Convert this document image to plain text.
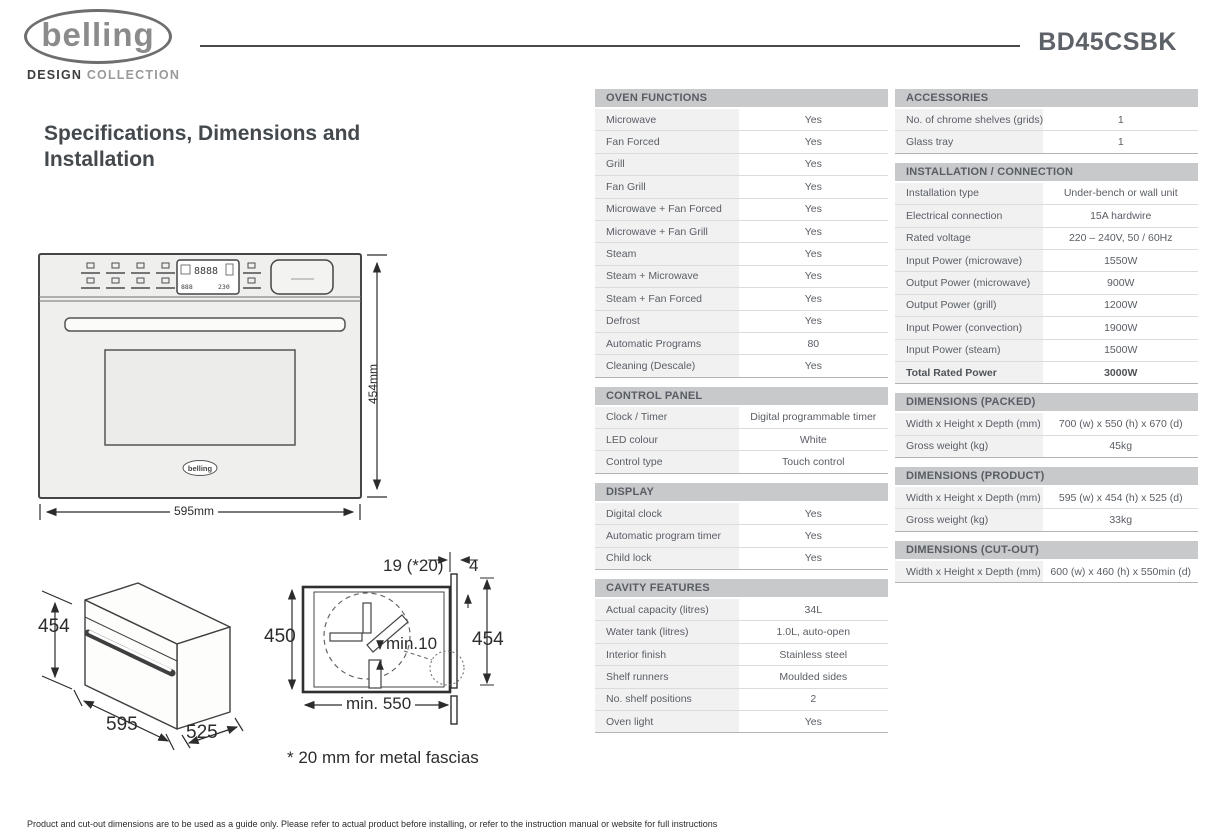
belling
DESIGN COLLECTION
BD45CSBK
Specifications, Dimensions and
Installation
OVEN FUNCTIONS
Microwave	Yes
Fan Forced	Yes
Grill	Yes
Fan Grill	Yes
Microwave + Fan Forced	Yes
Microwave + Fan Grill	Yes
Steam	Yes
Steam + Microwave	Yes
Steam + Fan Forced	Yes
Defrost	Yes
Automatic Programs	80
Cleaning (Descale)	Yes
CONTROL PANEL
Clock / Timer	Digital programmable timer
LED colour	White
Control type	Touch control
DISPLAY
Digital clock	Yes
Automatic program timer	Yes
Child lock	Yes
CAVITY FEATURES
Actual capacity (litres)	34L
Water tank (litres)	1.0L, auto-open
Interior finish	Stainless steel
Shelf runners	Moulded sides
No. shelf positions	2
Oven light	Yes
ACCESSORIES
No. of chrome shelves (grids)	1
Glass tray	1
INSTALLATION / CONNECTION
Installation type	Under-bench or wall unit
Electrical connection	15A hardwire
Rated voltage	220 – 240V, 50 / 60Hz
Input Power (microwave)	1550W
Output Power (microwave)	900W
Output Power (grill)	1200W
Input Power (convection)	1900W
Input Power (steam)	1500W
Total Rated Power	3000W
DIMENSIONS (PACKED)
Width x Height x Depth (mm)	700 (w) x 550 (h) x 670 (d)
Gross weight (kg)	45kg
DIMENSIONS (PRODUCT)
Width x Height x Depth (mm)	595 (w) x 454 (h) x 525 (d)
Gross weight (kg)	33kg
DIMENSIONS (CUT-OUT)
Width x Height x Depth (mm) 600 (w) x 460 (h) x 550min (d)
8888
888	230
belling
454mm
595mm
454
595	525
19 (*20) 4
450	454
min.10
min. 550
* 20 mm for metal fascias
Product and cut-out dimensions are to be used as a guide only. Please refer to actual product before installing, or refer to the instruction manual or website for full instructions
